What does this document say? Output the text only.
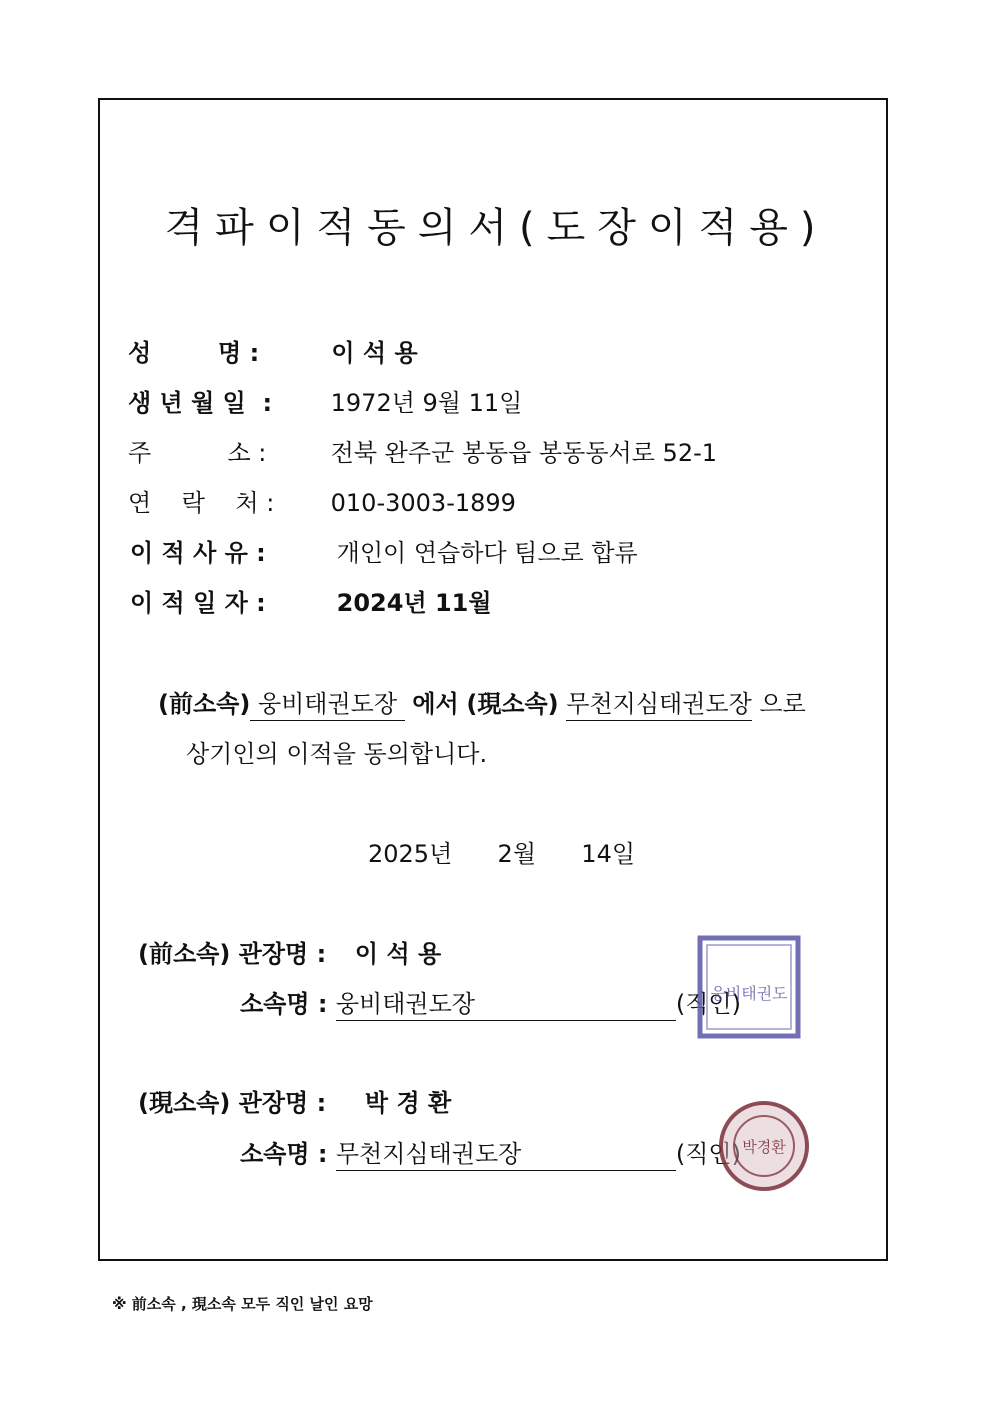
격파이적동의서(도장이적용)
성        명 :	이 석 용
생 년 월 일  : 1972년 9월 11일
주          소 :	전북 완주군 봉동읍 봉동동서로 52-1
연    락    처 : 010-3003-1899
이 적 사 유 :	개인이 연습하다 팀으로 합류
이 적 일 자 :	2024년 11월
(前소속) 웅비태권도장  에서 (現소속) 무천지심태권도장 으로
상기인의 이적을 동의합니다.
2025년 2월 14일
(前소속) 관장명 : 이 석 용
소속명 : 웅비태권도장	(직인)
웅비태권도
(現소속) 관장명 : 박 경 환
소속명 : 무천지심태권도장	(직인) 박경환
※ 前소속 , 現소속 모두 직인 날인 요망
